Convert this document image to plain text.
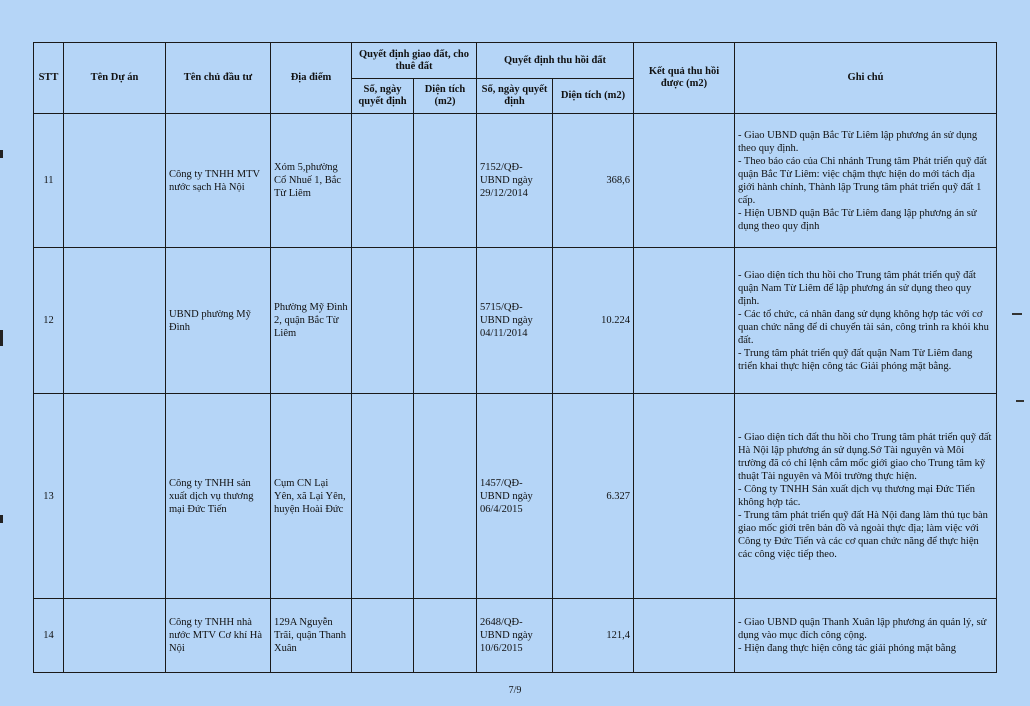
STT	Tên Dự án	Tên chủ đầu tư	Địa điểm	Quyết định giao đất, cho thuê đất		Quyết định thu hồi đất		Kết quả thu hồi được (m2)	Ghi chú
				Số, ngày quyết định	Diện tích (m2)	Số, ngày quyết định	Diện tích (m2)		
11		Công ty TNHH MTV nước sạch Hà Nội	Xóm 5,phường Cổ Nhuế 1, Bắc Từ Liêm			7152/QĐ-UBND ngày 29/12/2014	368,6		- Giao UBND quận Bắc Từ Liêm lập phương án sử dụng theo quy định.
- Theo báo cáo của Chi nhánh Trung tâm Phát triển quỹ đất quận Bắc Từ Liêm: việc chậm thực hiện do mới tách địa giới hành chính, Thành lập Trung tâm phát triển quỹ đất 1 cấp.
- Hiện UBND quận Bắc Từ Liêm đang lập phương án sử dụng theo quy định

12		UBND phường Mỹ Đình	Phường Mỹ Đình 2, quận Bắc Từ Liêm			5715/QĐ-UBND ngày 04/11/2014	10.224		- Giao diện tích thu hồi cho Trung tâm phát triển quỹ đất quận Nam Từ Liêm để lập phương án sử dụng theo quy định.
- Các tổ chức, cá nhân đang sử dụng không hợp tác với cơ quan chức năng để di chuyển tài sản, công trình ra khỏi khu đất.
- Trung tâm phát triển quỹ đất quận Nam Từ Liêm đang triển khai thực hiện công tác Giải phóng mặt bằng.

13		Công ty TNHH sản xuất dịch vụ thương mại Đức Tiến	Cụm CN Lại Yên, xã Lại Yên, huyện Hoài Đức			1457/QĐ-UBND ngày 06/4/2015	6.327		- Giao diện tích đất thu hồi cho Trung tâm phát triển quỹ đất Hà Nội lập phương án sử dụng.Sở Tài nguyên và Môi trường đã có chỉ lệnh cắm mốc giới giao cho Trung tâm kỹ thuật Tài nguyên và Môi trường thực hiện.
- Công ty TNHH Sản xuất dịch vụ thương mại Đức Tiến không hợp tác.
- Trung tâm phát triển quỹ đất Hà Nội đang làm thủ tục bàn giao mốc giới trên bản đồ và ngoài thực địa; làm việc với Công ty Đức Tiến và các cơ quan chức năng để thực hiện các công việc tiếp theo.

14		Công ty TNHH nhà nước MTV Cơ khí Hà Nội	129A Nguyễn Trãi, quận Thanh Xuân			2648/QĐ-UBND ngày 10/6/2015	121,4		- Giao UBND quận Thanh Xuân lập phương án quản lý, sử dụng vào mục đích công cộng.
- Hiện đang thực hiện công tác giải phóng mặt bằng
7/9
